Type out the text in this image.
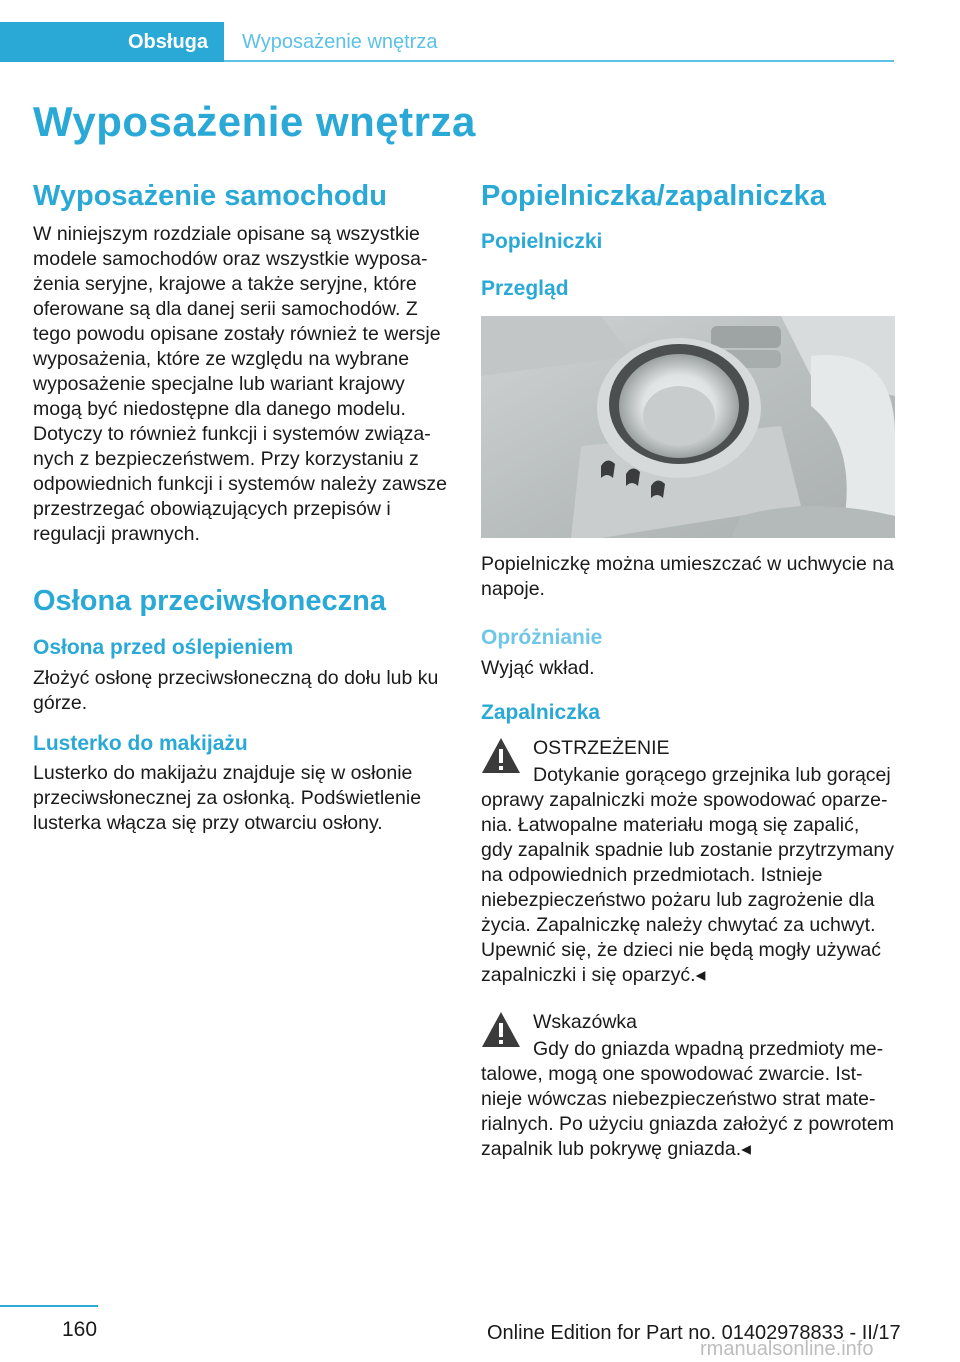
Obsługa	Wyposażenie wnętrza
Wyposażenie wnętrza
Wyposażenie samochodu

W niniejszym rozdziale opisane są wszystkie modele samochodów oraz wszystkie wyposażenia seryjne, krajowe a także seryjne, które oferowane są dla danej serii samochodów. Z tego powodu opisane zostały również te wersje wyposażenia, które ze względu na wybrane wyposażenie specjalne lub wariant krajowy mogą być niedostępne dla danego modelu. Dotyczy to również funkcji i systemów związanych z bezpieczeństwem. Przy korzystaniu z odpowiednich funkcji i systemów należy zawsze przestrzegać obowiązujących przepisów i regulacji prawnych.

Osłona przeciwsłoneczna
Osłona przed oślepieniem

Złożyć osłonę przeciwsłoneczną do dołu lub ku górze.

Lusterko do makijażu

Lusterko do makijażu znajduje się w osłonie przeciwsłonecznej za osłonką. Podświetlenie lusterka włącza się przy otwarciu osłony.

Popielniczka/zapalniczka
Popielniczki
Przegląd

Popielniczkę można umieszczać w uchwycie na napoje.

Opróżnianie

Wyjąć wkład.

Zapalniczka
OSTRZEŻENIE
Dotykanie gorącego grzejnika lub gorącej oprawy zapalniczki może spowodować oparzenia. Łatwopalne materiału mogą się zapalić, gdy zapalnik spadnie lub zostanie przytrzymany na odpowiednich przedmiotach. Istnieje niebezpieczeństwo pożaru lub zagrożenie dla życia. Zapalniczkę należy chwytać za uchwyt. Upewnić się, że dzieci nie będą mogły używać zapalniczki i się oparzyć.◂
Wskazówka
Gdy do gniazda wpadną przedmioty metalowe, mogą one spowodować zwarcie. Istnieje wówczas niebezpieczeństwo strat materialnych. Po użyciu gniazda założyć z powrotem zapalnik lub pokrywę gniazda.◂
160	Online Edition for Part no. 01402978833 - II/17
rmanualsonline.info
